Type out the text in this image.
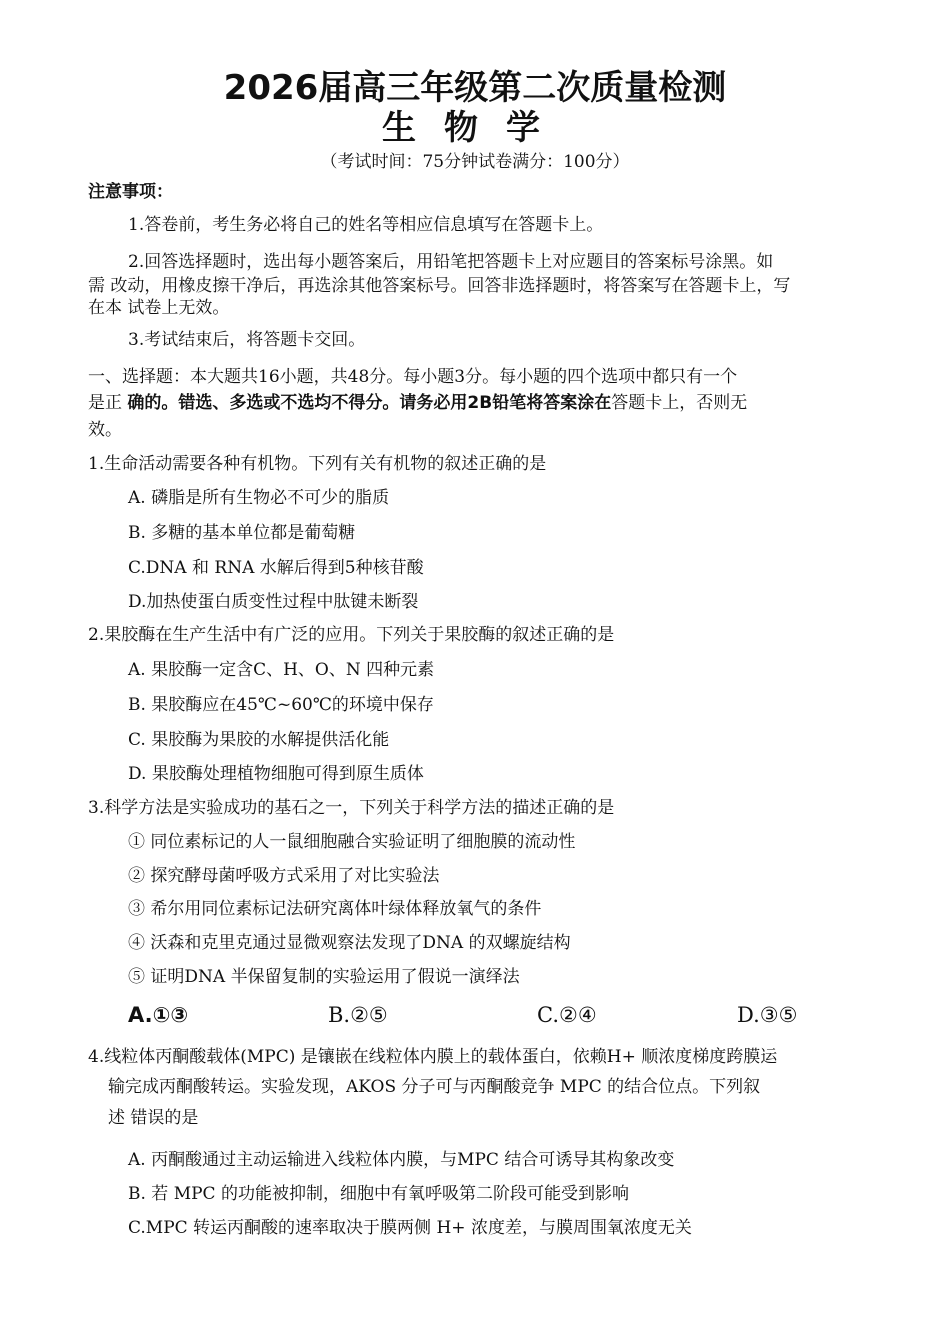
2026届高三年级第二次质量检测
生物学
（考试时间：75分钟试卷满分：100分）
注意事项：
1.答卷前，考生务必将自己的姓名等相应信息填写在答题卡上。
2.回答选择题时，选出每小题答案后，用铅笔把答题卡上对应题目的答案标号涂黑。如
需 改动，用橡皮擦干净后，再选涂其他答案标号。回答非选择题时，将答案写在答题卡上，写
在本 试卷上无效。
3.考试结束后，将答题卡交回。
一、选择题：本大题共16小题，共48分。每小题3分。每小题的四个选项中都只有一个
是正 确的。错选、多选或不选均不得分。请务必用2B铅笔将答案涂在答题卡上，否则无
效。
1.生命活动需要各种有机物。下列有关有机物的叙述正确的是
A. 磷脂是所有生物必不可少的脂质
B. 多糖的基本单位都是葡萄糖
C.DNA 和 RNA 水解后得到5种核苷酸
D.加热使蛋白质变性过程中肽键未断裂
2.果胶酶在生产生活中有广泛的应用。下列关于果胶酶的叙述正确的是
A. 果胶酶一定含C、H、O、N 四种元素
B. 果胶酶应在45℃~60℃的环境中保存
C. 果胶酶为果胶的水解提供活化能
D. 果胶酶处理植物细胞可得到原生质体
3.科学方法是实验成功的基石之一，下列关于科学方法的描述正确的是
① 同位素标记的人一鼠细胞融合实验证明了细胞膜的流动性
② 探究酵母菌呼吸方式采用了对比实验法
③ 希尔用同位素标记法研究离体叶绿体释放氧气的条件
④ 沃森和克里克通过显微观察法发现了DNA 的双螺旋结构
⑤ 证明DNA 半保留复制的实验运用了假说一演绎法
A.①③	B.②⑤	C.②④	D.③⑤
4.线粒体丙酮酸载体(MPC) 是镶嵌在线粒体内膜上的载体蛋白，依赖H+ 顺浓度梯度跨膜运
输完成丙酮酸转运。实验发现，AKOS 分子可与丙酮酸竞争 MPC 的结合位点。下列叙
述 错误的是
A. 丙酮酸通过主动运输进入线粒体内膜，与MPC 结合可诱导其构象改变
B. 若 MPC 的功能被抑制，细胞中有氧呼吸第二阶段可能受到影响
C.MPC 转运丙酮酸的速率取决于膜两侧 H+ 浓度差，与膜周围氧浓度无关
